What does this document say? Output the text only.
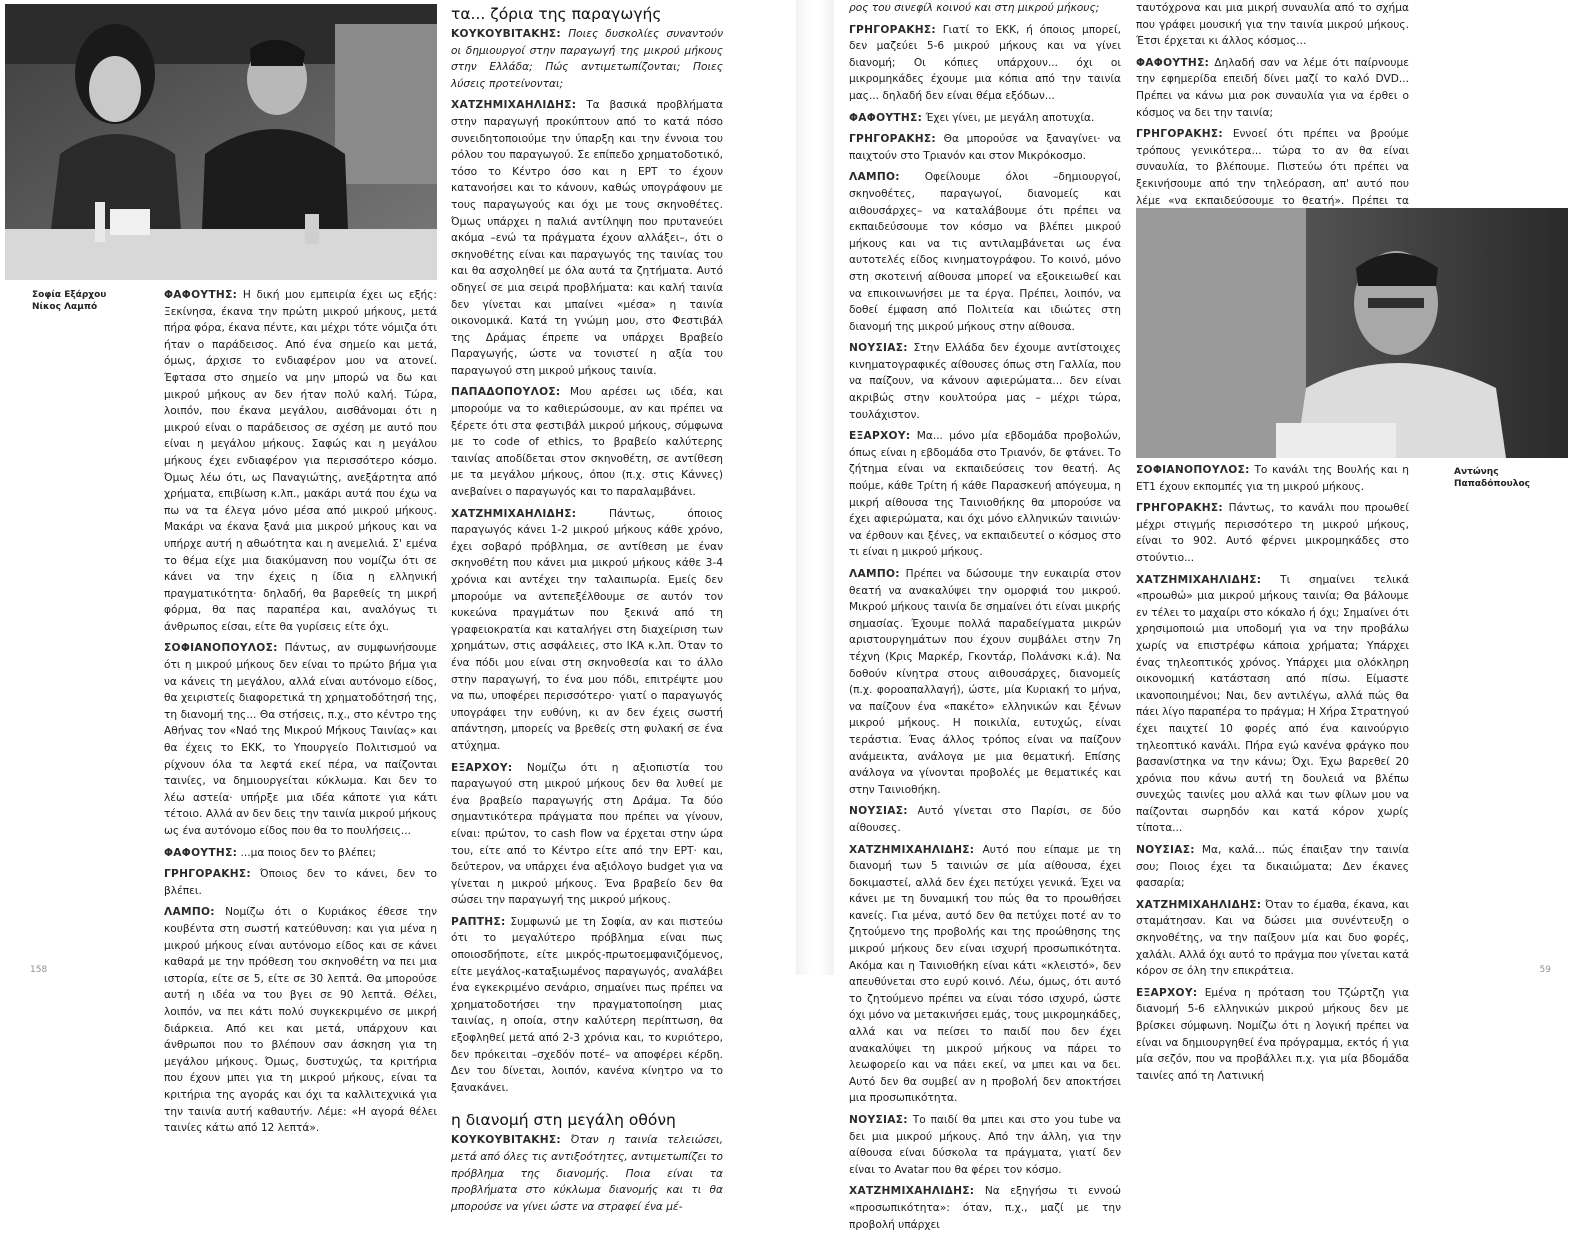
Σοφία Εξάρχου
Νίκος Λαμπό

ΦΑΦΟΥΤΗΣ: Η δική μου εμπειρία έχει ως εξής: Ξεκίνησα, έκανα την πρώτη μικρού μήκους, μετά πήρα φόρα, έκανα πέντε, και μέχρι τότε νόμιζα ότι ήταν ο παράδεισος. Από ένα σημείο και μετά, όμως, άρχισε το ενδιαφέρον μου να ατονεί. Έφτασα στο σημείο να μην μπορώ να δω και μικρού μήκους αν δεν ήταν πολύ καλή. Τώρα, λοιπόν, που έκανα μεγάλου, αισθάνομαι ότι η μικρού είναι ο παράδεισος σε σχέση με αυτό που είναι η μεγάλου μήκους. Σαφώς και η μεγάλου μήκους έχει ενδιαφέρον για περισσότερο κόσμο. Όμως λέω ότι, ως Παναγιώτης, ανεξάρτητα από χρήματα, επιβίωση κ.λπ., μακάρι αυτά που έχω να πω να τα έλεγα μόνο μέσα από μικρού μήκους. Μακάρι να έκανα ξανά μια μικρού μήκους και να υπήρχε αυτή η αθωότητα και η ανεμελιά. Σ' εμένα το θέμα είχε μια διακύμανση που νομίζω ότι σε κάνει να την έχεις η ίδια η ελληνική πραγματικότητα· δηλαδή, θα βαρεθείς τη μικρή φόρμα, θα πας παραπέρα και, αναλόγως τι άνθρωπος είσαι, είτε θα γυρίσεις είτε όχι.

ΣΟΦΙΑΝΟΠΟΥΛΟΣ: Πάντως, αν συμφωνήσουμε ότι η μικρού μήκους δεν είναι το πρώτο βήμα για να κάνεις τη μεγάλου, αλλά είναι αυτόνομο είδος, θα χειριστείς διαφορετικά τη χρηματοδότησή της, τη διανομή της... Θα στήσεις, π.χ., στο κέντρο της Αθήνας τον «Ναό της Μικρού Μήκους Ταινίας» και θα έχεις το ΕΚΚ, το Υπουργείο Πολιτισμού να ρίχνουν όλα τα λεφτά εκεί πέρα, να παίζονται ταινίες, να δημιουργείται κύκλωμα. Και δεν το λέω αστεία· υπήρξε μια ιδέα κάποτε για κάτι τέτοιο. Αλλά αν δεν δεις την ταινία μικρού μήκους ως ένα αυτόνομο είδος που θα το πουλήσεις...

ΦΑΦΟΥΤΗΣ: ...μα ποιος δεν το βλέπει;

ΓΡΗΓΟΡΑΚΗΣ: Όποιος δεν το κάνει, δεν το βλέπει.

ΛΑΜΠΟ: Νομίζω ότι ο Κυριάκος έθεσε την κουβέντα στη σωστή κατεύθυνση: και για μένα η μικρού μήκους είναι αυτόνομο είδος και σε κάνει καθαρά με την πρόθεση του σκηνοθέτη να πει μια ιστορία, είτε σε 5, είτε σε 30 λεπτά. Θα μπορούσε αυτή η ιδέα να του βγει σε 90 λεπτά. Θέλει, λοιπόν, να πει κάτι πολύ συγκεκριμένο σε μικρή διάρκεια. Από κει και μετά, υπάρχουν και άνθρωποι που το βλέπουν σαν άσκηση για τη μεγάλου μήκους. Όμως, δυστυχώς, τα κριτήρια που έχουν μπει για τη μικρού μήκους, είναι τα κριτήρια της αγοράς και όχι τα καλλιτεχνικά για την ταινία αυτή καθαυτήν. Λέμε: «Η αγορά θέλει ταινίες κάτω από 12 λεπτά».

τα... ζόρια της παραγωγής

ΚΟΥΚΟΥΒΙΤΑΚΗΣ: Ποιες δυσκολίες συναντούν οι δημιουργοί στην παραγωγή της μικρού μήκους στην Ελλάδα; Πώς αντιμετωπίζονται; Ποιες λύσεις προτείνονται;

ΧΑΤΖΗΜΙΧΑΗΛΙΔΗΣ: Τα βασικά προβλήματα στην παραγωγή προκύπτουν από το κατά πόσο συνειδητοποιούμε την ύπαρξη και την έννοια του ρόλου του παραγωγού. Σε επίπεδο χρηματοδοτικό, τόσο το Κέντρο όσο και η ΕΡΤ το έχουν κατανοήσει και το κάνουν, καθώς υπογράφουν με τους παραγωγούς και όχι με τους σκηνοθέτες. Όμως υπάρχει η παλιά αντίληψη που πρυτανεύει ακόμα –ενώ τα πράγματα έχουν αλλάξει–, ότι ο σκηνοθέτης είναι και παραγωγός της ταινίας του και θα ασχοληθεί με όλα αυτά τα ζητήματα. Αυτό οδηγεί σε μια σειρά προβλήματα: και καλή ταινία δεν γίνεται και μπαίνει «μέσα» η ταινία οικονομικά. Κατά τη γνώμη μου, στο Φεστιβάλ της Δράμας έπρεπε να υπάρχει Βραβείο Παραγωγής, ώστε να τονιστεί η αξία του παραγωγού στη μικρού μήκους ταινία.

ΠΑΠΑΔΟΠΟΥΛΟΣ: Μου αρέσει ως ιδέα, και μπορούμε να το καθιερώσουμε, αν και πρέπει να ξέρετε ότι στα φεστιβάλ μικρού μήκους, σύμφωνα με το code of ethics, το βραβείο καλύτερης ταινίας αποδίδεται στον σκηνοθέτη, σε αντίθεση με τα μεγάλου μήκους, όπου (π.χ. στις Κάννες) ανεβαίνει ο παραγωγός και το παραλαμβάνει.

ΧΑΤΖΗΜΙΧΑΗΛΙΔΗΣ:	Πάντως, όποιος παραγωγός κάνει 1-2 μικρού μήκους κάθε χρόνο, έχει σοβαρό πρόβλημα, σε αντίθεση με έναν σκηνοθέτη που κάνει μια μικρού μήκους κάθε 3-4 χρόνια και αντέχει την ταλαιπωρία. Εμείς δεν μπορούμε να αντεπεξέλθουμε σε αυτόν τον κυκεώνα πραγμάτων που ξεκινά από τη γραφειοκρατία και καταλήγει στη διαχείριση των χρημάτων, στις ασφάλειες, στο ΙΚΑ κ.λπ. Όταν το ένα πόδι μου είναι στη σκηνοθεσία και το άλλο στην παραγωγή, το ένα μου πόδι, επιτρέψτε μου να πω, υποφέρει περισσότερο· γιατί ο παραγωγός υπογράφει την ευθύνη, κι αν δεν έχεις σωστή απάντηση, μπορείς να βρεθείς στη φυλακή σε ένα ατύχημα.

ΕΞΑΡΧΟΥ: Νομίζω ότι η αξιοπιστία του παραγωγού στη μικρού μήκους δεν θα λυθεί με ένα βραβείο παραγωγής στη Δράμα. Τα δύο σημαντικότερα πράγματα που πρέπει να γίνουν, είναι: πρώτον, το cash flow να έρχεται στην ώρα του, είτε από το Κέντρο είτε από την ΕΡΤ· και, δεύτερον, να υπάρχει ένα αξιόλογο budget για να γίνεται η μικρού μήκους. Ένα βραβείο δεν θα σώσει την παραγωγή της μικρού μήκους.

ΡΑΠΤΗΣ: Συμφωνώ με τη Σοφία, αν και πιστεύω ότι το μεγαλύτερο πρόβλημα είναι πως οποιοσδήποτε, είτε μικρός-πρωτοεμφανιζόμενος, είτε μεγάλος-καταξιωμένος παραγωγός, αναλάβει ένα εγκεκριμένο σενάριο, σημαίνει πως πρέπει να χρηματοδοτήσει την πραγματοποίηση μιας ταινίας, η οποία, στην καλύτερη περίπτωση, θα εξοφληθεί μετά από 2-3 χρόνια και, το κυριότερο, δεν πρόκειται –σχεδόν ποτέ– να αποφέρει κέρδη. Δεν του δίνεται, λοιπόν, κανένα κίνητρο να το ξανακάνει.

η διανομή στη μεγάλη οθόνη

ΚΟΥΚΟΥΒΙΤΑΚΗΣ: Όταν η ταινία τελειώσει, μετά από όλες τις αντιξοότητες, αντιμετωπίζει το πρόβλημα της διανομής. Ποια είναι τα προβλήματα στο κύκλωμα διανομής και τι θα μπορούσε να γίνει ώστε να στραφεί ένα μέ-

ρος του σινεφίλ κοινού και στη μικρού μήκους;

ΓΡΗΓΟΡΑΚΗΣ: Γιατί το ΕΚΚ, ή όποιος μπορεί, δεν μαζεύει 5-6 μικρού μήκους και να γίνει διανομή; Οι κόπιες υπάρχουν... όχι οι μικρομηκάδες έχουμε μια κόπια από την ταινία μας... δηλαδή δεν είναι θέμα εξόδων...

ΦΑΦΟΥΤΗΣ: Έχει γίνει, με μεγάλη αποτυχία.

ΓΡΗΓΟΡΑΚΗΣ: Θα μπορούσε να ξαναγίνει· να παιχτούν στο Τριανόν και στον Μικρόκοσμο.

ΛΑΜΠΟ: Οφείλουμε όλοι –δημιουργοί, σκηνοθέτες, παραγωγοί, διανομείς και αιθουσάρχες– να καταλάβουμε ότι πρέπει να εκπαιδεύσουμε τον κόσμο να βλέπει μικρού μήκους και να τις αντιλαμβάνεται ως ένα αυτοτελές είδος κινηματογράφου. Το κοινό, μόνο στη σκοτεινή αίθουσα μπορεί να εξοικειωθεί και να επικοινωνήσει με τα έργα. Πρέπει, λοιπόν, να δοθεί έμφαση από Πολιτεία και ιδιώτες στη διανομή της μικρού μήκους στην αίθουσα.

ΝΟΥΣΙΑΣ: Στην Ελλάδα δεν έχουμε αντίστοιχες κινηματογραφικές αίθουσες όπως στη Γαλλία, που να παίζουν, να κάνουν αφιερώματα... δεν είναι ακριβώς στην κουλτούρα μας – μέχρι τώρα, τουλάχιστον.

ΕΞΑΡΧΟΥ: Μα... μόνο μία εβδομάδα προβολών, όπως είναι η εβδομάδα στο Τριανόν, δε φτάνει. Το ζήτημα είναι να εκπαιδεύσεις τον θεατή. Ας πούμε, κάθε Τρίτη ή κάθε Παρασκευή απόγευμα, η μικρή αίθουσα της Ταινιοθήκης θα μπορούσε να έχει αφιερώματα, και όχι μόνο ελληνικών ταινιών· να έρθουν και ξένες, να εκπαιδευτεί ο κόσμος στο τι είναι η μικρού μήκους.

ΛΑΜΠΟ: Πρέπει να δώσουμε την ευκαιρία στον θεατή να ανακαλύψει την ομορφιά του μικρού. Μικρού μήκους ταινία δε σημαίνει ότι είναι μικρής σημασίας. Έχουμε πολλά παραδείγματα μικρών αριστουργημάτων που έχουν συμβάλει στην 7η τέχνη (Κρις Μαρκέρ, Γκοντάρ, Πολάνσκι κ.ά). Να δοθούν κίνητρα στους αιθουσάρχες, διανομείς (π.χ. φοροαπαλλαγή), ώστε, μία Κυριακή το μήνα, να παίζουν ένα «πακέτο» ελληνικών και ξένων μικρού μήκους. Η ποικιλία, ευτυχώς, είναι τεράστια. Ένας άλλος τρόπος είναι να παίζουν ανάμεικτα, ανάλογα με μια θεματική. Επίσης ανάλογα να γίνονται προβολές με θεματικές και στην Ταινιοθήκη.

ΝΟΥΣΙΑΣ: Αυτό γίνεται στο Παρίσι, σε δύο αίθουσες.

ΧΑΤΖΗΜΙΧΑΗΛΙΔΗΣ: Αυτό που είπαμε με τη διανομή των 5 ταινιών σε μία αίθουσα, έχει δοκιμαστεί, αλλά δεν έχει πετύχει γενικά. Έχει να κάνει με τη δυναμική του πώς θα το προωθήσει κανείς. Για μένα, αυτό δεν θα πετύχει ποτέ αν το ζητούμενο της προβολής και της προώθησης της μικρού μήκους δεν είναι ισχυρή προσωπικότητα. Ακόμα και η Ταινιοθήκη είναι κάτι «κλειστό», δεν απευθύνεται στο ευρύ κοινό. Λέω, όμως, ότι αυτό το ζητούμενο πρέπει να είναι τόσο ισχυρό, ώστε όχι μόνο να μετακινήσει εμάς, τους μικρομηκάδες, αλλά και να πείσει το παιδί που δεν έχει ανακαλύψει τη μικρού μήκους να πάρει το λεωφορείο και να πάει εκεί, να μπει και να δει. Αυτό δεν θα συμβεί αν η προβολή δεν αποκτήσει μια προσωπικότητα.

ΝΟΥΣΙΑΣ: Το παιδί θα μπει και στο you tube να δει μια μικρού μήκους. Από την άλλη, για την αίθουσα είναι δύσκολα τα πράγματα, γιατί δεν είναι το Avatar που θα φέρει τον κόσμο.

ΧΑΤΖΗΜΙΧΑΗΛΙΔΗΣ: Να εξηγήσω τι εννοώ «προσωπικότητα»: όταν, π.χ., μαζί με την προβολή υπάρχει

ταυτόχρονα και μια μικρή συναυλία από το σχήμα που γράφει μουσική για την ταινία μικρού μήκους. Έτσι έρχεται κι άλλος κόσμος...

ΦΑΦΟΥΤΗΣ: Δηλαδή σαν να λέμε ότι παίρνουμε την εφημερίδα επειδή δίνει μαζί το καλό DVD... Πρέπει να κάνω μια ροκ συναυλία για να έρθει ο κόσμος να δει την ταινία;

ΓΡΗΓΟΡΑΚΗΣ: Εννοεί ότι πρέπει να βρούμε τρόπους γενικότερα... τώρα το αν θα είναι συναυλία, το βλέπουμε. Πιστεύω ότι πρέπει να ξεκινήσουμε από την τηλεόραση, απ' αυτό που λέμε «να εκπαιδεύσουμε το θεατή». Πρέπει τα

Αντώνης Παπαδόπουλος

ΣΟΦΙΑΝΟΠΟΥΛΟΣ: Το κανάλι της Βουλής και η ΕΤ1 έχουν εκπομπές για τη μικρού μήκους.

ΓΡΗΓΟΡΑΚΗΣ: Πάντως, το κανάλι που προωθεί μέχρι στιγμής περισσότερο τη μικρού μήκους, είναι το 902. Αυτό φέρνει μικρομηκάδες στο στούντιο...

ΧΑΤΖΗΜΙΧΑΗΛΙΔΗΣ: Τι σημαίνει τελικά «προωθώ» μια μικρού μήκους ταινία; Θα βάλουμε εν τέλει το μαχαίρι στο κόκαλο ή όχι; Σημαίνει ότι χρησιμοποιώ μια υποδομή για να την προβάλω χωρίς να επιστρέφω κάποια χρήματα; Υπάρχει ένας τηλεοπτικός χρόνος. Υπάρχει μια ολόκληρη οικονομική κατάσταση από πίσω. Είμαστε ικανοποιημένοι; Ναι, δεν αντιλέγω, αλλά πώς θα πάει λίγο παραπέρα το πράγμα; Η Χήρα Στρατηγού έχει παιχτεί 10 φορές από ένα καινούργιο τηλεοπτικό κανάλι. Πήρα εγώ κανένα φράγκο που βασανίστηκα να την κάνω; Όχι. Έχω βαρεθεί 20 χρόνια που κάνω αυτή τη δουλειά να βλέπω συνεχώς ταινίες μου αλλά και των φίλων μου να παίζονται σωρηδόν και κατά κόρον χωρίς τίποτα...

ΝΟΥΣΙΑΣ: Μα, καλά... πώς έπαιξαν την ταινία σου; Ποιος έχει τα δικαιώματα; Δεν έκανες φασαρία;

ΧΑΤΖΗΜΙΧΑΗΛΙΔΗΣ: Όταν το έμαθα, έκανα, και σταμάτησαν. Και να δώσει μια συνέντευξη ο σκηνοθέτης, να την παίξουν μία και δυο φορές, χαλάλι. Αλλά όχι αυτό το πράγμα που γίνεται κατά κόρον σε όλη την επικράτεια.

ΕΞΑΡΧΟΥ: Εμένα η πρόταση του Τζώρτζη για διανομή 5-6 ελληνικών μικρού μήκους δεν με βρίσκει σύμφωνη. Νομίζω ότι η λογική πρέπει να είναι να δημιουργηθεί ένα πρόγραμμα, εκτός ή για μία σεζόν, που να προβάλλει π.χ. για μία βδομάδα ταινίες από τη Λατινική

158	59
